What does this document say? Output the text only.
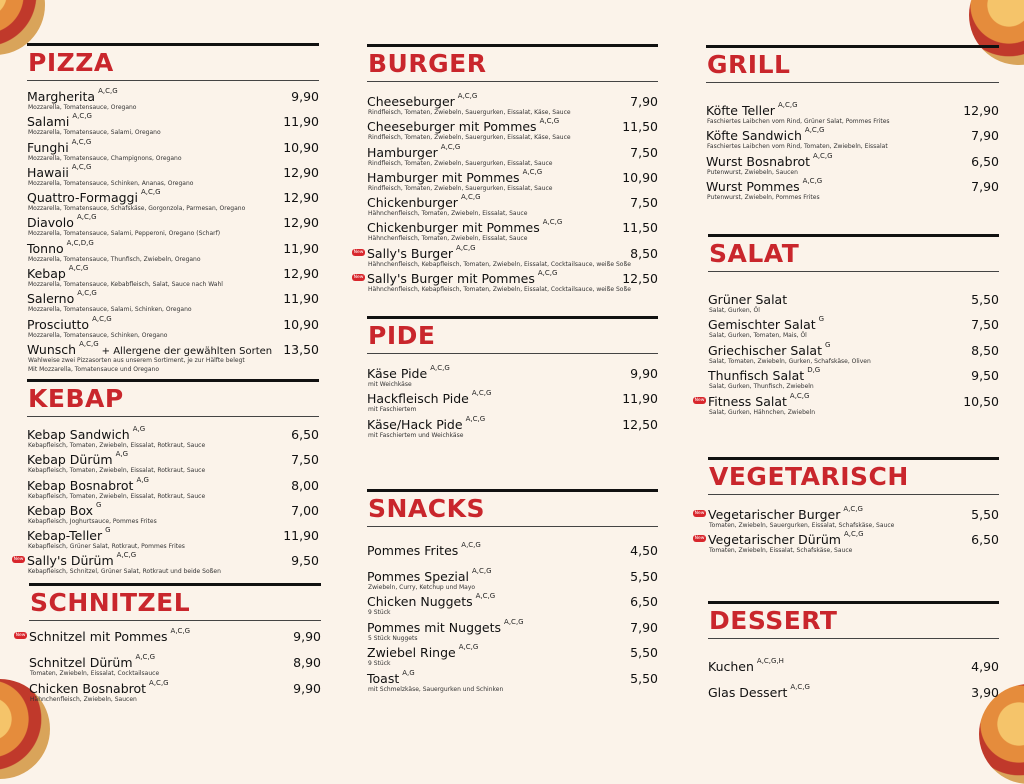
PIZZA
Margherita $^{A,C,G}$	9,90
Mozzarella, Tomatensauce, Oregano
Salami $^{A,C,G}$	11,90
Mozzarella, Tomatensauce, Salami, Oregano
Funghi $^{A,C,G}$	10,90
Mozzarella, Tomatensauce, Champignons, Oregano
Hawaii $^{A,C,G}$	12,90
Mozzarella, Tomatensauce, Schinken, Ananas, Oregano
Quattro-Formaggi $^{A,C,G}$	12,90
Mozzarella, Tomatensauce, Schafskäse, Gorgonzola, Parmesan, Oregano
Diavolo $^{A,C,G}$	12,90
Mozzarella, Tomatensauce, Salami, Pepperoni, Oregano (Scharf)
Tonno $^{A,C,D,G}$	11,90
Mozzarella, Tomatensauce, Thunfisch, Zwiebeln, Oregano
Kebap $^{A,C,G}$	12,90
Mozzarella, Tomatensauce, Kebabfleisch, Salat, Sauce nach Wahl
Salerno $^{A,C,G}$	11,90
Mozzarella, Tomatensauce, Salami, Schinken, Oregano
Prosciutto $^{A,C,G}$	10,90
Mozzarella, Tomatensauce, Schinken, Oregano
Wunsch $^{A,C,G}$+ Allergene der gewählten Sorten 13,50
Wahlweise zwei Pizzasorten aus unserem Sortiment, je zur Hälfte belegt
Mit Mozzarella, Tomatensauce und Oregano
KEBAP
Kebap Sandwich $^{A,G}$	6,50
Kebapfleisch, Tomaten, Zwiebeln, Eissalat, Rotkraut, Sauce
Kebap Dürüm $^{A,G}$	7,50
Kebapfleisch, Tomaten, Zwiebeln, Eissalat, Rotkraut, Sauce
Kebap Bosnabrot $^{A,G}$	8,00
Kebapfleisch, Tomaten, Zwiebeln, Eissalat, Rotkraut, Sauce
Kebap Box $^G$	7,00
Kebapfleisch, Joghurtsauce, Pommes Frites
Kebap-Teller $^G$	11,90
Kebapfleisch, Grüner Salat, Rotkraut, Pommes Frites
New Sally's Dürüm $^{A,C,G}$	9,50
Kebapfleisch, Schnitzel, Grüner Salat, Rotkraut und beide Soßen
SCHNITZEL
New Schnitzel mit Pommes $^{A,C,G}$	9,90
Schnitzel Dürüm $^{A,C,G}$	8,90
Tomaten, Zwiebeln, Eissalat, Cocktailsauce
Chicken Bosnabrot $^{A,C,G}$	9,90
Hähnchenfleisch, Zwiebeln, Saucen
BURGER
Cheeseburger $^{A,C,G}$	7,90
Rindfleisch, Tomaten, Zwiebeln, Sauergurken, Eissalat, Käse, Sauce
Cheeseburger mit Pommes $^{A,C,G}$	11,50
Rindfleisch, Tomaten, Zwiebeln, Sauergurken, Eissalat, Käse, Sauce
Hamburger $^{A,C,G}$	7,50
Rindfleisch, Tomaten, Zwiebeln, Sauergurken, Eissalat, Sauce
Hamburger mit Pommes $^{A,C,G}$	10,90
Rindfleisch, Tomaten, Zwiebeln, Sauergurken, Eissalat, Sauce
Chickenburger $^{A,C,G}$	7,50
Hähnchenfleisch, Tomaten, Zwiebeln, Eissalat, Sauce
Chickenburger mit Pommes $^{A,C,G}$	11,50
Hähnchenfleisch, Tomaten, Zwiebeln, Eissalat, Sauce
New Sally's Burger $^{A,C,G}$	8,50
Hähnchenfleisch, Kebapfleisch, Tomaten, Zwiebeln, Eissalat, Cocktailsauce, weiße Soße
New Sally's Burger mit Pommes $^{A,C,G}$	12,50
Hähnchenfleisch, Kebapfleisch, Tomaten, Zwiebeln, Eissalat, Cocktailsauce, weiße Soße
PIDE
Käse Pide $^{A,C,G}$	9,90
mit Weichkäse
Hackfleisch Pide $^{A,C,G}$	11,90
mit Faschiertem
Käse/Hack Pide $^{A,C,G}$	12,50
mit Faschiertem und Weichkäse
SNACKS
Pommes Frites $^{A,C,G}$	4,50
Pommes Spezial $^{A,C,G}$	5,50
Zwiebeln, Curry, Ketchup und Mayo
Chicken Nuggets $^{A,C,G}$	6,50
9 Stück
Pommes mit Nuggets $^{A,C,G}$	7,90
5 Stück Nuggets
Zwiebel Ringe $^{A,C,G}$	5,50
9 Stück
Toast $^{A,G}$	5,50
mit Schmelzkäse, Sauergurken und Schinken
GRILL
Köfte Teller $^{A,C,G}$	12,90
Faschiertes Laibchen vom Rind, Grüner Salat, Pommes Frites
Köfte Sandwich $^{A,C,G}$	7,90
Faschiertes Laibchen vom Rind, Tomaten, Zwiebeln, Eissalat
Wurst Bosnabrot $^{A,C,G}$	6,50
Putenwurst, Zwiebeln, Saucen
Wurst Pommes $^{A,C,G}$	7,90
Putenwurst, Zwiebeln, Pommes Frites
SALAT
Grüner Salat	5,50
Salat, Gurken, Öl
Gemischter Salat $^G$	7,50
Salat, Gurken, Tomaten, Mais, Öl
Griechischer Salat $^G$	8,50
Salat, Tomaten, Zwiebeln, Gurken, Schafskäse, Oliven
Thunfisch Salat $^{D,G}$	9,50
Salat, Gurken, Thunfisch, Zwiebeln
New Fitness Salat $^{A,C,G}$	10,50
Salat, Gurken, Hähnchen, Zwiebeln
VEGETARISCH
New Vegetarischer Burger $^{A,C,G}$	5,50
Tomaten, Zwiebeln, Sauergurken, Eissalat, Schafskäse, Sauce
New Vegetarischer Dürüm $^{A,C,G}$	6,50
Tomaten, Zwiebeln, Eissalat, Schafskäse, Sauce
DESSERT
Kuchen $^{A,C,G,H}$	4,90
Glas Dessert $^{A,C,G}$	3,90
